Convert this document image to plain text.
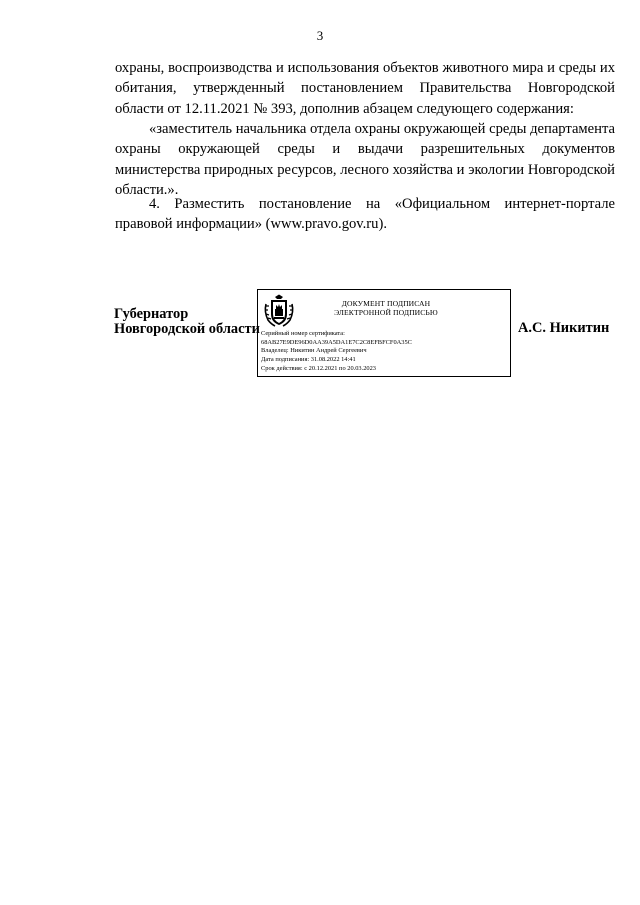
3
охраны, воспроизводства и использования объектов животного мира и среды их обитания, утвержденный постановлением Правительства Новгородской области от 12.11.2021 № 393, дополнив абзацем следующего содержания:
«заместитель начальника отдела охраны окружающей среды департамента охраны окружающей среды и выдачи разрешительных документов министерства природных ресурсов, лесного хозяйства и экологии Новгородской области.».
4. Разместить постановление на «Официальном интернет-портале правовой информации» (www.pravo.gov.ru).
Губернатор
Новгородской области
ДОКУМЕНТ ПОДПИСАН
ЭЛЕКТРОННОЙ ПОДПИСЬЮ
Серийный номер сертификата:
68AB27E9DE96D0AA39A5DA1E7C2C8EFBFCF0A35C
Владелец: Никитин Андрей Сергеевич
Дата подписания: 31.08.2022 14:41
Срок действия: с 20.12.2021 по 20.03.2023
А.С. Никитин
